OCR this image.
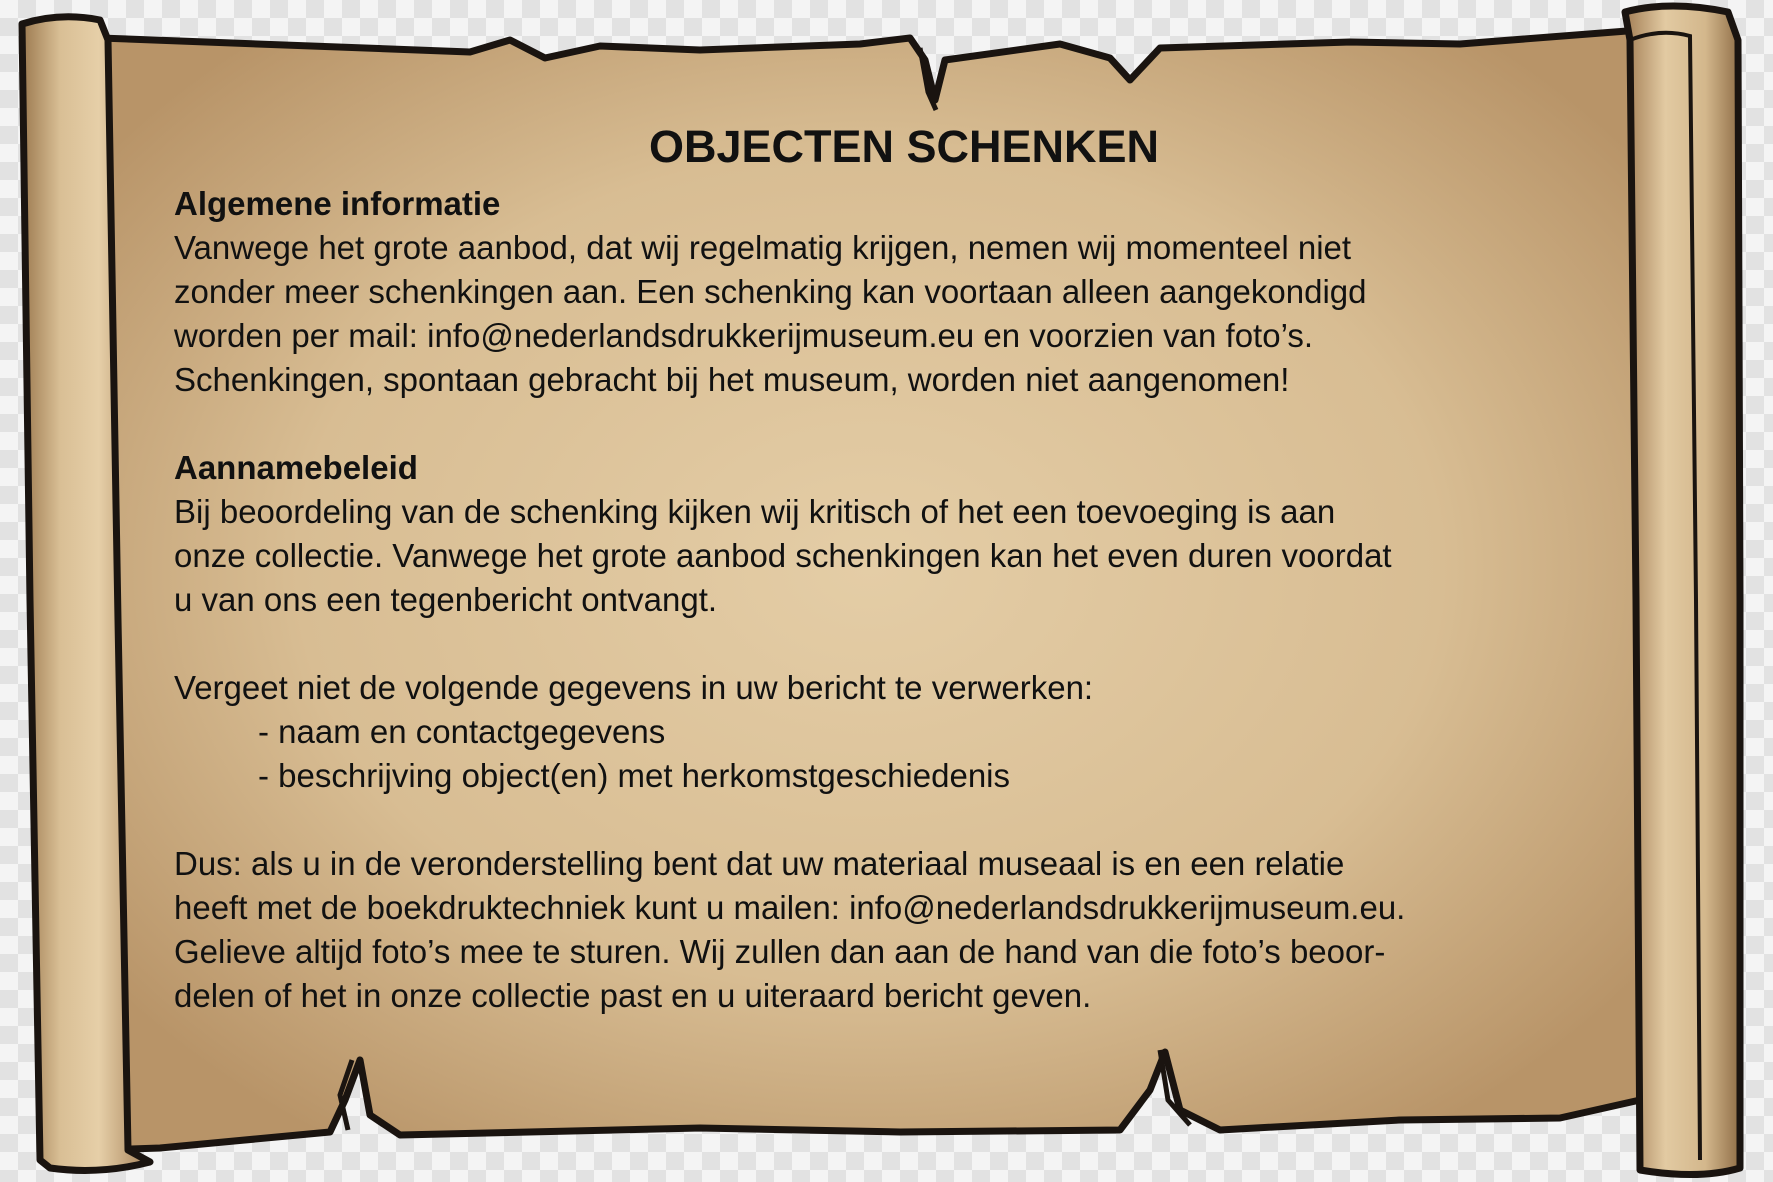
OBJECTEN SCHENKEN
Algemene informatie
Vanwege het grote aanbod, dat wij regelmatig krijgen, nemen wij momenteel niet
zonder meer schenkingen aan. Een schenking kan voortaan alleen aangekondigd
worden per mail: info@nederlandsdrukkerijmuseum.eu en voorzien van foto’s.
Schenkingen, spontaan gebracht bij het museum, worden niet aangenomen!
Aannamebeleid
Bij beoordeling van de schenking kijken wij kritisch of het een toevoeging is aan
onze collectie. Vanwege het grote aanbod schenkingen kan het even duren voordat
u van ons een tegenbericht ontvangt.
Vergeet niet de volgende gegevens in uw bericht te verwerken:
- naam en contactgegevens
- beschrijving object(en) met herkomstgeschiedenis
Dus: als u in de veronderstelling bent dat uw materiaal museaal is en een relatie
heeft met de boekdruktechniek kunt u mailen: info@nederlandsdrukkerijmuseum.eu.
Gelieve altijd foto’s mee te sturen. Wij zullen dan aan de hand van die foto’s beoor-
delen of het in onze collectie past en u uiteraard bericht geven.
